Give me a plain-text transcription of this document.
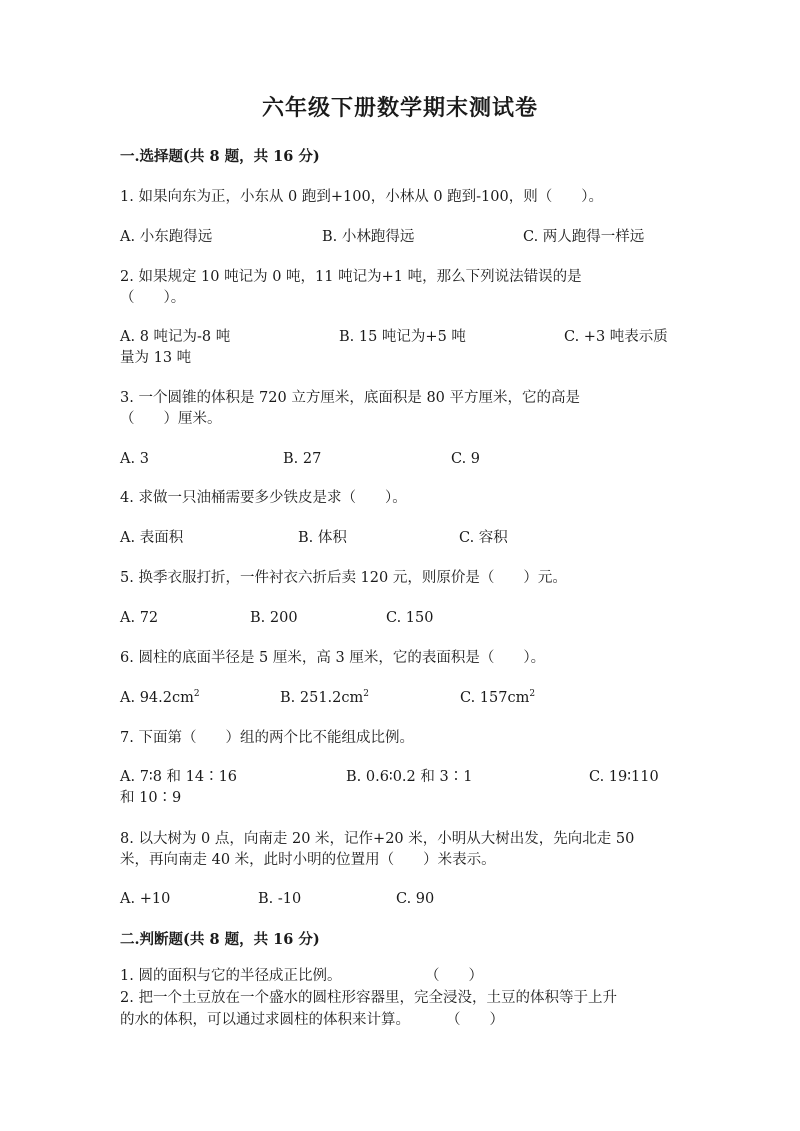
六年级下册数学期末测试卷
一.选择题(共 8 题，共 16 分)
1. 如果向东为正，小东从 0 跑到+100，小林从 0 跑到-100，则（　　）。
A. 小东跑得远	B. 小林跑得远	C. 两人跑得一样远
2. 如果规定 10 吨记为 0 吨，11 吨记为+1 吨，那么下列说法错误的是
（　　）。
A. 8 吨记为-8 吨	B. 15 吨记为+5 吨	C. +3 吨表示质
量为 13 吨
3. 一个圆锥的体积是 720 立方厘米，底面积是 80 平方厘米，它的高是
（　　）厘米。
A. 3	B. 27	C. 9
4. 求做一只油桶需要多少铁皮是求（　　）。
A. 表面积	B. 体积	C. 容积
5. 换季衣服打折，一件衬衣六折后卖 120 元，则原价是（　　）元。
A. 72	B. 200	C. 150
6. 圆柱的底面半径是 5 厘米，高 3 厘米，它的表面积是（　　）。
A. $94.2cm^2$	B. $251.2cm^2$	C. $157cm^2$
7. 下面第（　　）组的两个比不能组成比例。
A. 7∶8 和 14∶16	B. 0.6∶0.2 和 3∶1	C. 19∶110
和 10∶9
8. 以大树为 0 点，向南走 20 米，记作+20 米，小明从大树出发，先向北走 50
米，再向南走 40 米，此时小明的位置用（　　）米表示。
A. +10	B. -10	C. 90
二.判断题(共 8 题，共 16 分)
1. 圆的面积与它的半径成正比例。	（　　）
2. 把一个土豆放在一个盛水的圆柱形容器里，完全浸没，土豆的体积等于上升
的水的体积，可以通过求圆柱的体积来计算。 （　　）
